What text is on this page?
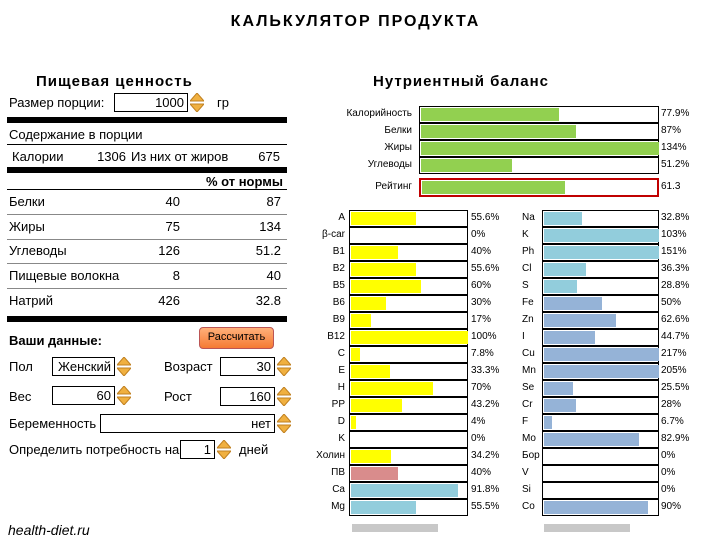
КАЛЬКУЛЯТОР ПРОДУКТА
Пищевая ценность
Размер порции:	1000	гр
Содержание в порции
Калории	1306 Из них от жиров	675
% от нормы
Белки	40	87
Жиры	75	134
Углеводы	126	51.2
Пищевые волокна	8	40
Натрий	426	32.8
Ваши данные:	Рассчитать
Пол	Женский	Возраст	30
Вес	60	Рост	160
Беременность	нет
Определить потребность на	1	дней
health-diet.ru
Нутриентный баланс
Калорийность	77.9%
Белки	87%
Жиры	134%
Углеводы	51.2%
Рейтинг	61.3
A	55.6%
β-car	0%
B1	40%
B2	55.6%
B5	60%
B6	30%
B9	17%
B12	100%
C	7.8%
E	33.3%
H	70%
PP	43.2%
D	4%
K	0%
Холин	34.2%
ПВ	40%
Ca	91.8%
Mg	55.5%
Na	32.8%
K	103%
Ph	151%
Cl	36.3%
S	28.8%
Fe	50%
Zn	62.6%
I	44.7%
Cu	217%
Mn	205%
Se	25.5%
Cr	28%
F	6.7%
Mo	82.9%
Бор	0%
V	0%
Si	0%
Co	90%
